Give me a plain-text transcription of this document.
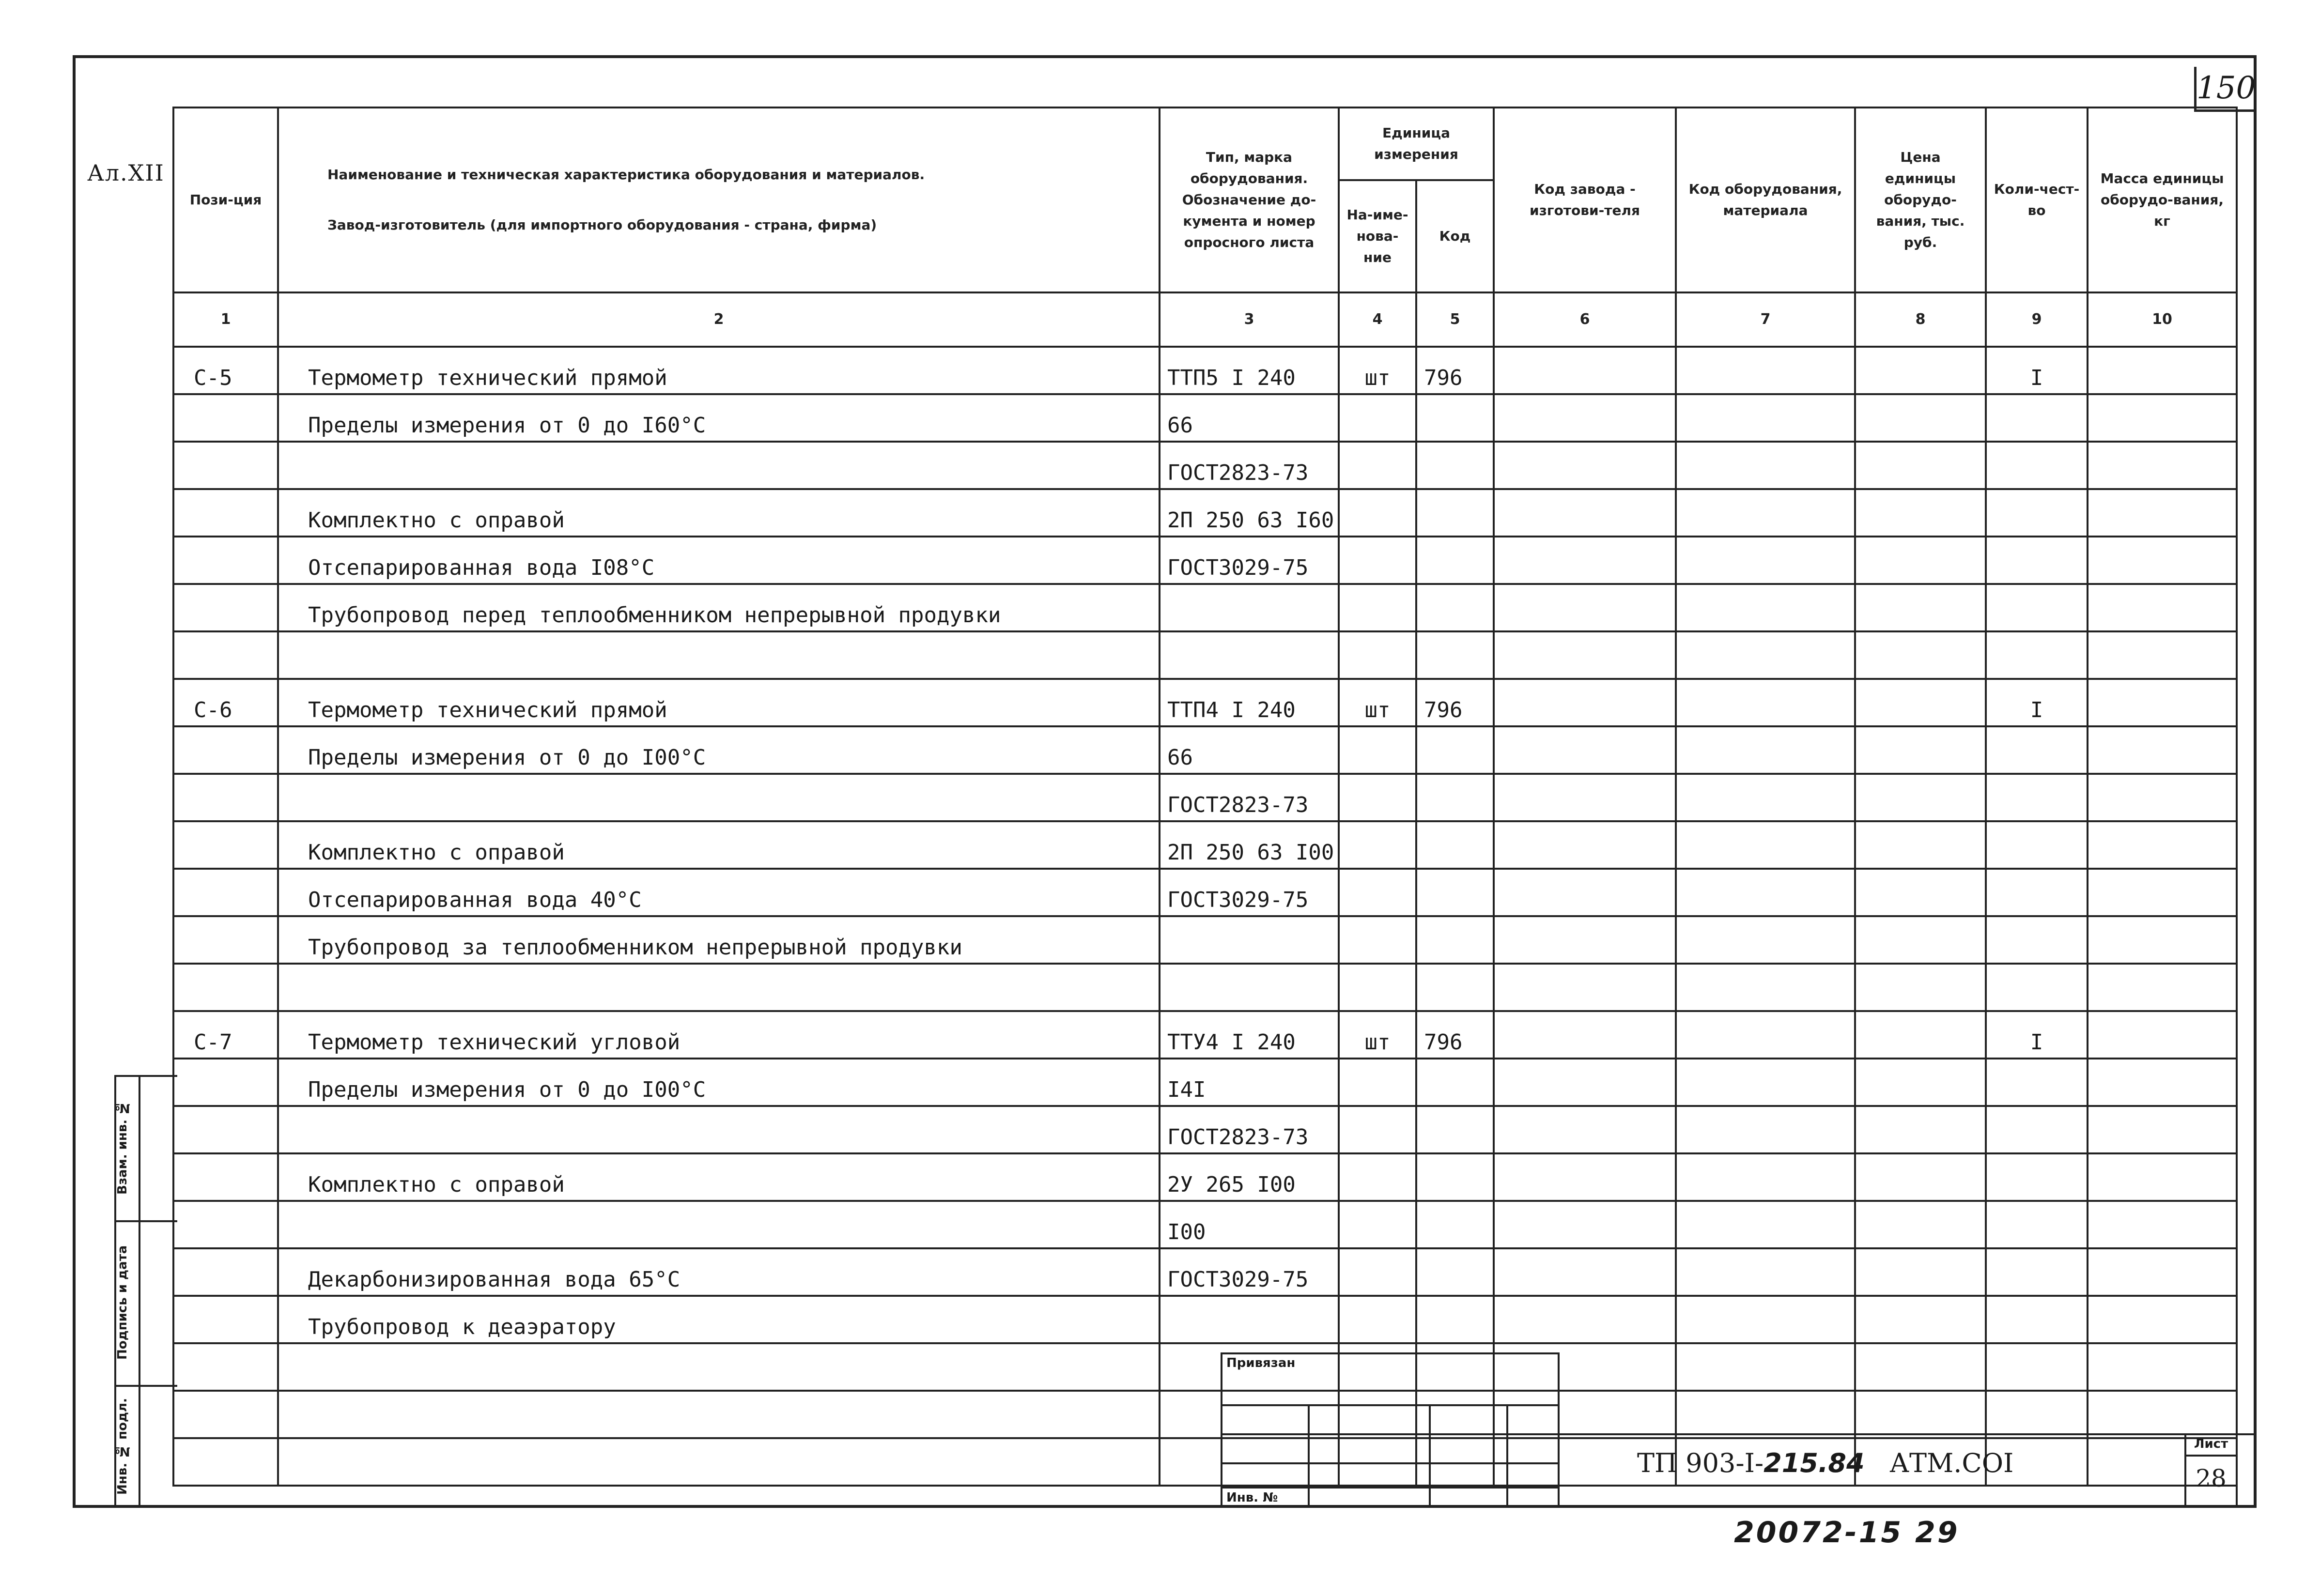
150
Ал.XII
Пози-ция	Наименование и техническая характеристика оборудования и материалов.
Завод-изготовитель (для импортного оборудования - страна, фирма)	Тип, марка оборудования. Обозначение до-кумента и номер опросного листа	Единица измерения		Код завода - изготови-теля	Код оборудования, материала	Цена единицы оборудо-вания, тыс. руб.	Коли-чест-во	Масса единицы оборудо-вания, кг
			На-име-нова-ние	Код					
1	2	3	4	5	6	7	8	9	10
С-5	Термометр технический прямой	ТТП5 I 240	шт	796				I	
	Пределы измерения от 0 до I60°С	66							
		ГОСТ2823-73							
	Комплектно с оправой	2П 250 63 I60							
	Отсепарированная вода I08°С	ГОСТ3029-75							
	Трубопровод перед теплообменником непрерывной продувки								

С-6	Термометр технический прямой	ТТП4 I 240	шт	796				I	
	Пределы измерения от 0 до I00°С	66							
		ГОСТ2823-73							
	Комплектно с оправой	2П 250 63 I00							
	Отсепарированная вода 40°С	ГОСТ3029-75							
	Трубопровод за теплообменником непрерывной продувки								

С-7	Термометр технический угловой	ТТУ4 I 240	шт	796				I	
	Пределы измерения от 0 до I00°С	I4I							
		ГОСТ2823-73							
	Комплектно с оправой	2У 265 I00							
		I00							
	Декарбонизированная вода 65°С	ГОСТ3029-75							
	Трубопровод к деаэратору								

Взам. инв. №
Подпись и дата
Инв. № подл.
Привязан
Инв. №
ТП 903-I-215.84 АТМ.СОI
Лист
28
20072-15 29
